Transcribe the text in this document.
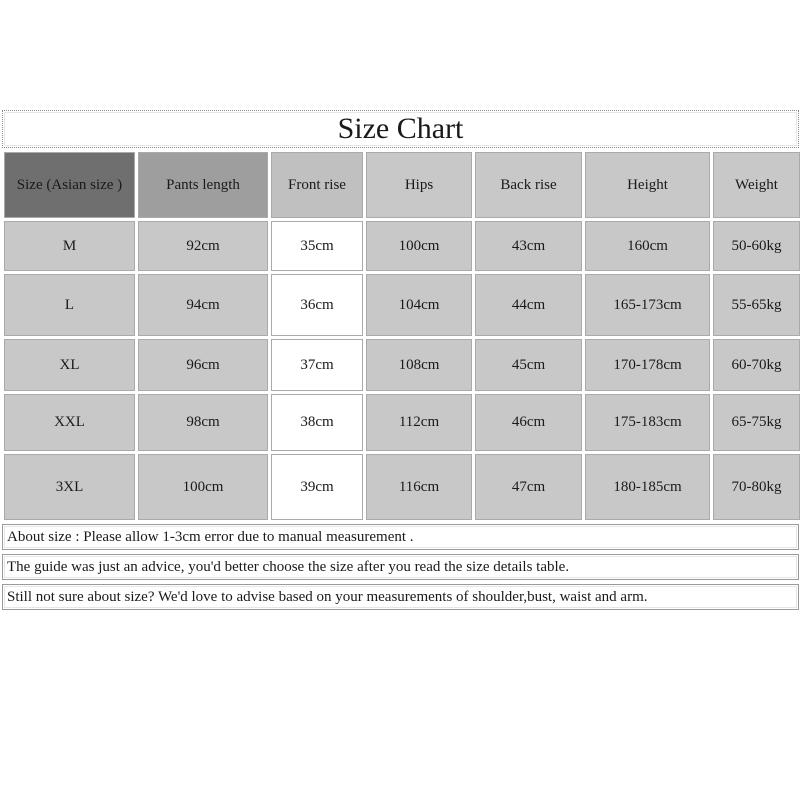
Size Chart
Size (Asian size )	Pants length	Front rise	Hips	Back rise	Height	Weight
M	92cm	35cm	100cm	43cm	160cm	50-60kg
L	94cm	36cm	104cm	44cm	165-173cm	55-65kg
XL	96cm	37cm	108cm	45cm	170-178cm	60-70kg
XXL	98cm	38cm	112cm	46cm	175-183cm	65-75kg
3XL	100cm	39cm	116cm	47cm	180-185cm	70-80kg
About size : Please allow 1-3cm error due to manual measurement .
The guide was just an advice, you'd better choose the size after you read the size details table.
Still not sure about size? We'd love to advise based on your measurements of shoulder,bust, waist and arm.
